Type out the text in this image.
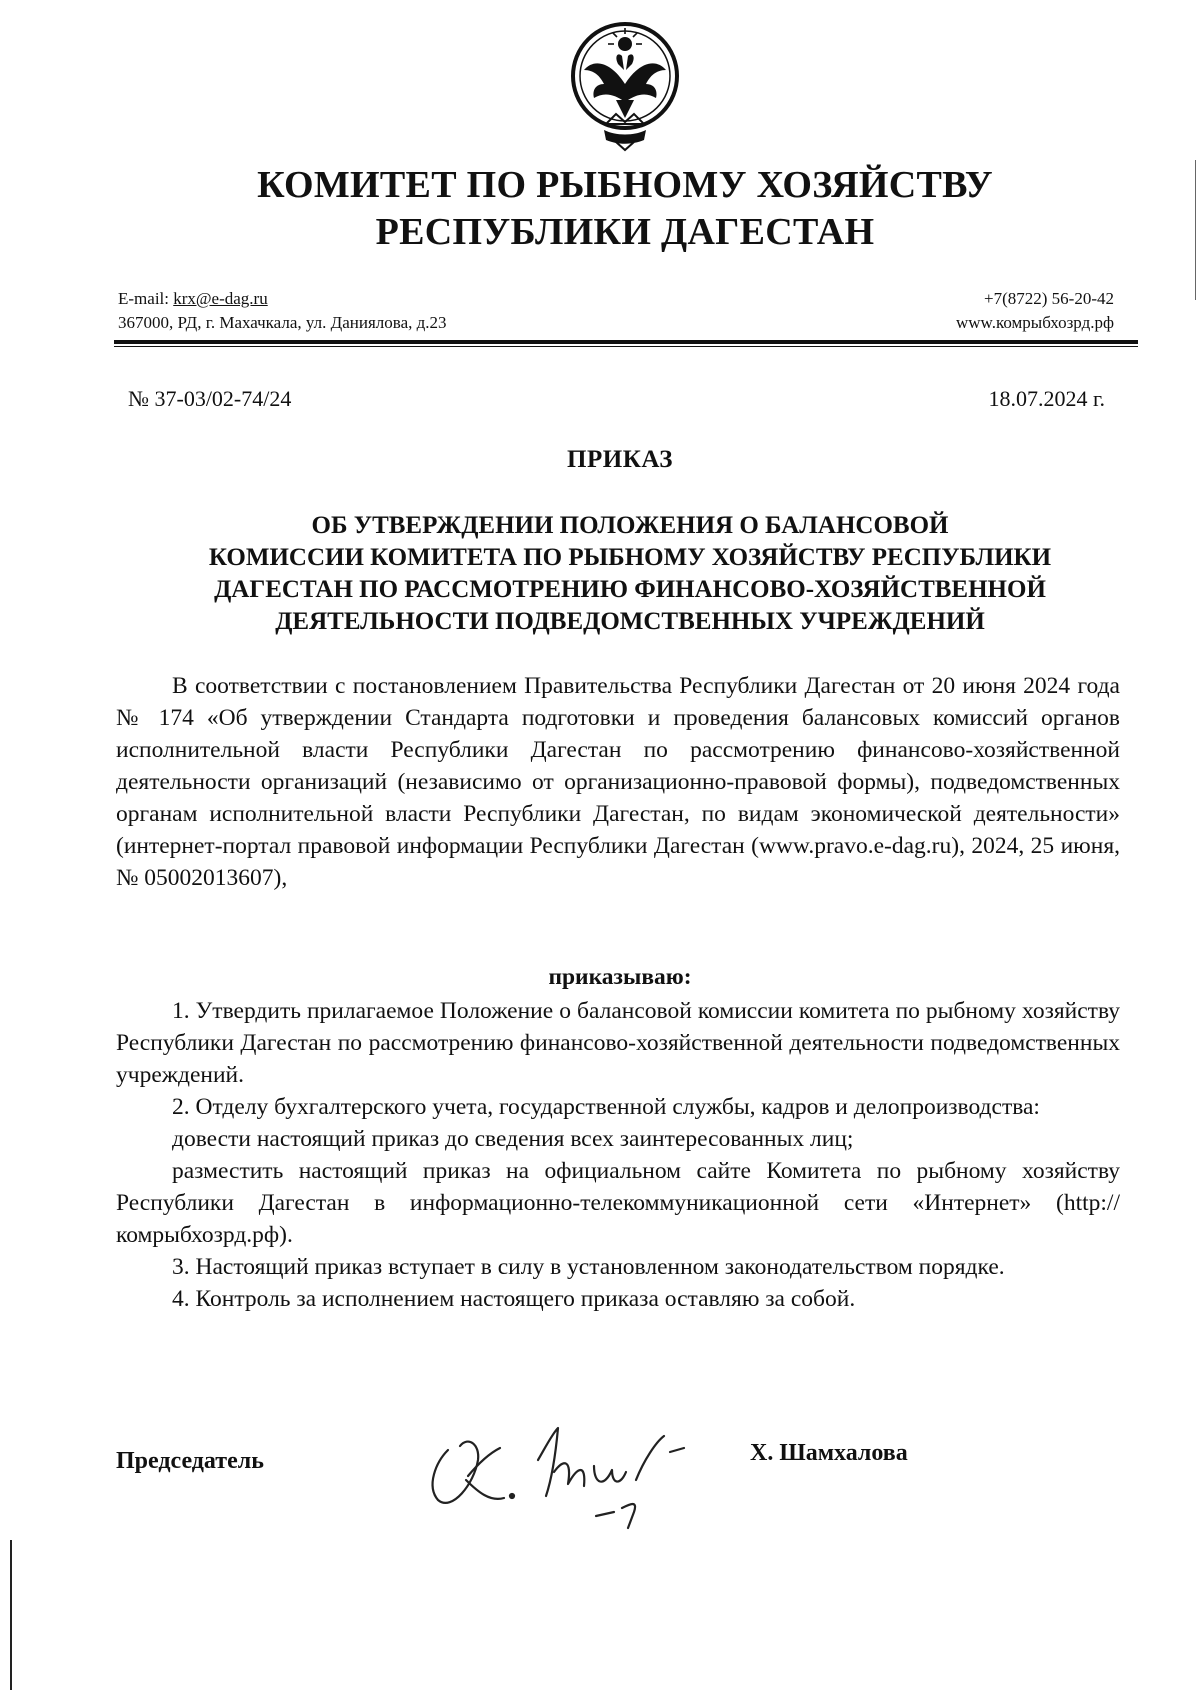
КОМИТЕТ ПО РЫБНОМУ ХОЗЯЙСТВУ
РЕСПУБЛИКИ ДАГЕСТАН
E-mail: krx@e-dag.ru
367000, РД, г. Махачкала, ул. Даниялова, д.23
+7(8722) 56-20-42
www.комрыбхозрд.рф
№ 37-03/02-74/24	18.07.2024 г.
ПРИКАЗ
ОБ УТВЕРЖДЕНИИ ПОЛОЖЕНИЯ О БАЛАНСОВОЙ
КОМИССИИ КОМИТЕТА ПО РЫБНОМУ ХОЗЯЙСТВУ РЕСПУБЛИКИ
ДАГЕСТАН ПО РАССМОТРЕНИЮ ФИНАНСОВО-ХОЗЯЙСТВЕННОЙ
ДЕЯТЕЛЬНОСТИ ПОДВЕДОМСТВЕННЫХ УЧРЕЖДЕНИЙ
В соответствии с постановлением Правительства Республики Дагестан от 20 июня 2024 года № 174 «Об утверждении Стандарта подготовки и проведения балансовых комиссий органов исполнительной власти Республики Дагестан по рассмотрению финансово-хозяйственной деятельности организаций (независимо от организационно-правовой формы), подведомственных органам исполнительной власти Республики Дагестан, по видам экономической деятельности» (интернет-портал правовой информации Республики Дагестан (www.pravo.e-dag.ru), 2024, 25 июня, № 05002013607),
приказываю:

1. Утвердить прилагаемое Положение о балансовой комиссии комитета по рыбному хозяйству Республики Дагестан по рассмотрению финансово-хозяйственной деятельности подведомственных учреждений.

2. Отделу бухгалтерского учета, государственной службы, кадров и делопроизводства:

довести настоящий приказ до сведения всех заинтересованных лиц;

разместить настоящий приказ на официальном сайте Комитета по рыбному хозяйству Республики Дагестан в информационно-телекоммуникационной сети «Интернет» (http://комрыбхозрд.рф).

3. Настоящий приказ вступает в силу в установленном законодательством порядке.

4. Контроль за исполнением настоящего приказа оставляю за собой.

Председатель	Х. Шамхалова
